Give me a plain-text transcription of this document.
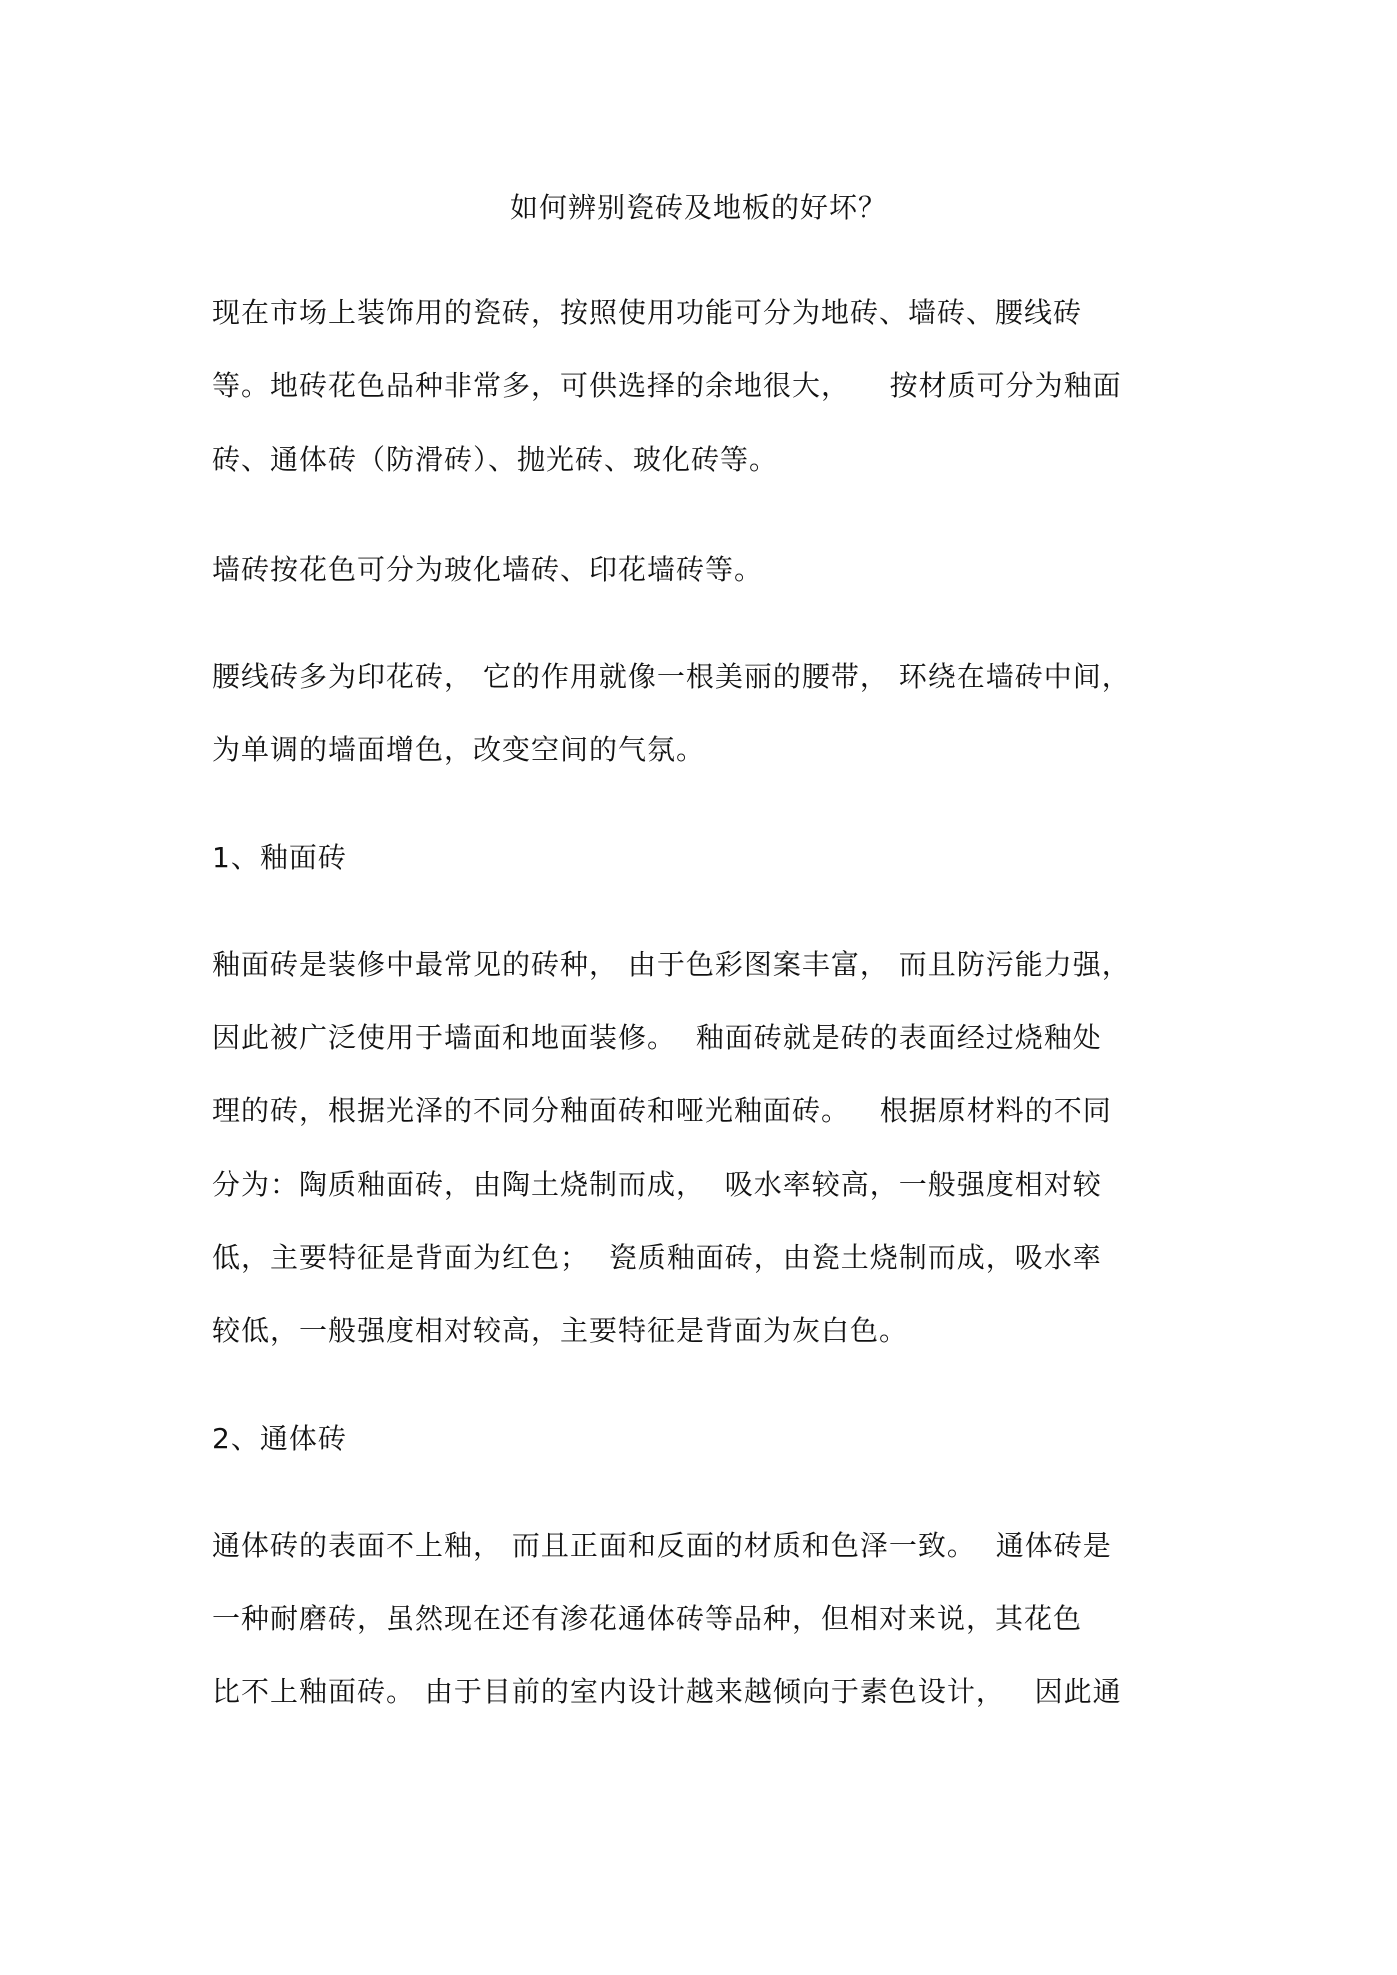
如何辨别瓷砖及地板的好坏？

现在市场上装饰用的瓷砖，按照使用功能可分为地砖、墙砖、腰线砖

等。地砖花色品种非常多，可供选择的余地很大，    按材质可分为釉面

砖、通体砖（防滑砖）、抛光砖、玻化砖等。

墙砖按花色可分为玻化墙砖、印花墙砖等。

腰线砖多为印花砖， 它的作用就像一根美丽的腰带， 环绕在墙砖中间，

为单调的墙面增色，改变空间的气氛。

1、釉面砖

釉面砖是装修中最常见的砖种， 由于色彩图案丰富， 而且防污能力强，

因此被广泛使用于墙面和地面装修。  釉面砖就是砖的表面经过烧釉处

理的砖，根据光泽的不同分釉面砖和哑光釉面砖。   根据原材料的不同

分为：陶质釉面砖，由陶土烧制而成，  吸水率较高，一般强度相对较

低，主要特征是背面为红色；  瓷质釉面砖，由瓷土烧制而成，吸水率

较低，一般强度相对较高，主要特征是背面为灰白色。

2、通体砖

通体砖的表面不上釉， 而且正面和反面的材质和色泽一致。  通体砖是

一种耐磨砖，虽然现在还有渗花通体砖等品种，但相对来说，其花色

比不上釉面砖。 由于目前的室内设计越来越倾向于素色设计，   因此通
